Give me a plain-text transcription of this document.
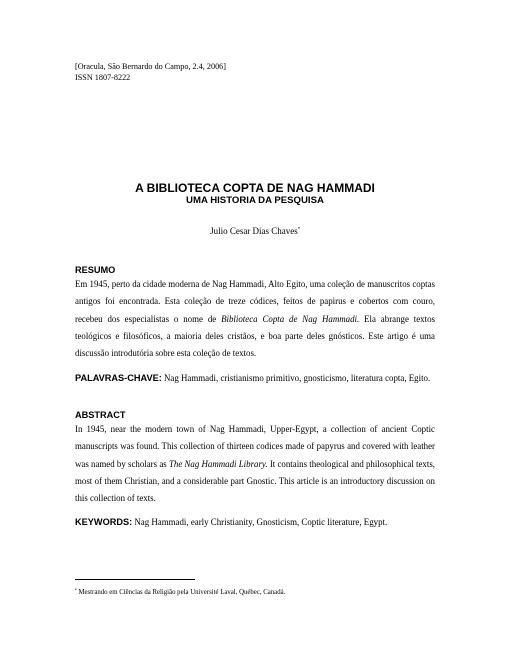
[Oracula, São Bernardo do Campo, 2.4, 2006]
ISSN 1807-8222
A BIBLIOTECA COPTA DE NAG HAMMADI
UMA HISTORIA DA PESQUISA
Julio Cesar Dias Chaves•
RESUMO
Em 1945, perto da cidade moderna de Nag Hammadi, Alto Egito, uma coleção de manuscritos coptas antigos foi encontrada. Esta coleção de treze códices, feitos de papirus e cobertos com couro, recebeu dos especialistas o nome de Biblioteca Copta de Nag Hammadi. Ela abrange textos teológicos e filosóficos, a maioria deles cristãos, e boa parte deles gnósticos. Este artigo é uma discussão introdutória sobre esta coleção de textos.
PALAVRAS-CHAVE: Nag Hammadi, cristianismo primitivo, gnosticismo, literatura copta, Egito.
ABSTRACT
In 1945, near the modern town of Nag Hammadi, Upper-Egypt, a collection of ancient Coptic manuscripts was found. This collection of thirteen codices made of papyrus and covered with leather was named by scholars as The Nag Hammadi Library. It contains theological and philosophical texts, most of them Christian, and a considerable part Gnostic. This article is an introductory discussion on this collection of texts.
KEYWORDS: Nag Hammadi, early Christianity, Gnosticism, Coptic literature, Egypt.
• Mestrando em Ciências da Religião pela Université Laval, Québec, Canadá.
